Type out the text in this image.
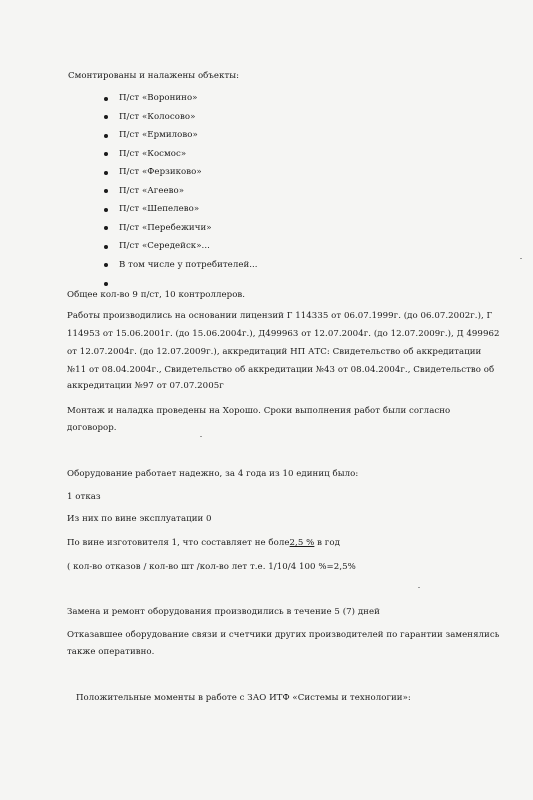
Смонтированы и налажены объекты:
П/ст «Воронино»
П/ст «Колосово»
П/ст «Ермилово»
П/ст «Космос»
П/ст «Ферзиково»
П/ст «Агеево»
П/ст «Шепелево»
П/ст «Перебежичи»
П/ст «Середейск»...
В том числе у потребителей...
Общее кол-во 9 п/ст, 10 контроллеров.
Работы производились на основании лицензий Г 114335 от 06.07.1999г. (до 06.07.2002г.), Г
114953 от 15.06.2001г. (до 15.06.2004г.), Д499963 от 12.07.2004г. (до 12.07.2009г.), Д 499962
от 12.07.2004г. (до 12.07.2009г.), аккредитаций НП АТС: Свидетельство об аккредитации
№11 от 08.04.2004г., Свидетельство об аккредитации №43 от 08.04.2004г., Свидетельство об
аккредитации №97 от 07.07.2005г
Монтаж и наладка проведены на Хорошо. Сроки выполнения работ были согласно
договорор.
Оборудование работает надежно, за 4 года из 10 единиц было:
1 отказ
Из них по вине эксплуатации 0
По вине изготовителя 1, что составляет не боле2,5 % в год
( кол-во отказов / кол-во шт /кол-во лет т.е. 1/10/4 100 %=2,5%
Замена и ремонт оборудования производились в течение 5 (7) дней
Отказавшее оборудование связи и счетчики других производителей по гарантии заменялись
также оперативно.
Положительные моменты в работе с ЗАО ИТФ «Системы и технологии»:
